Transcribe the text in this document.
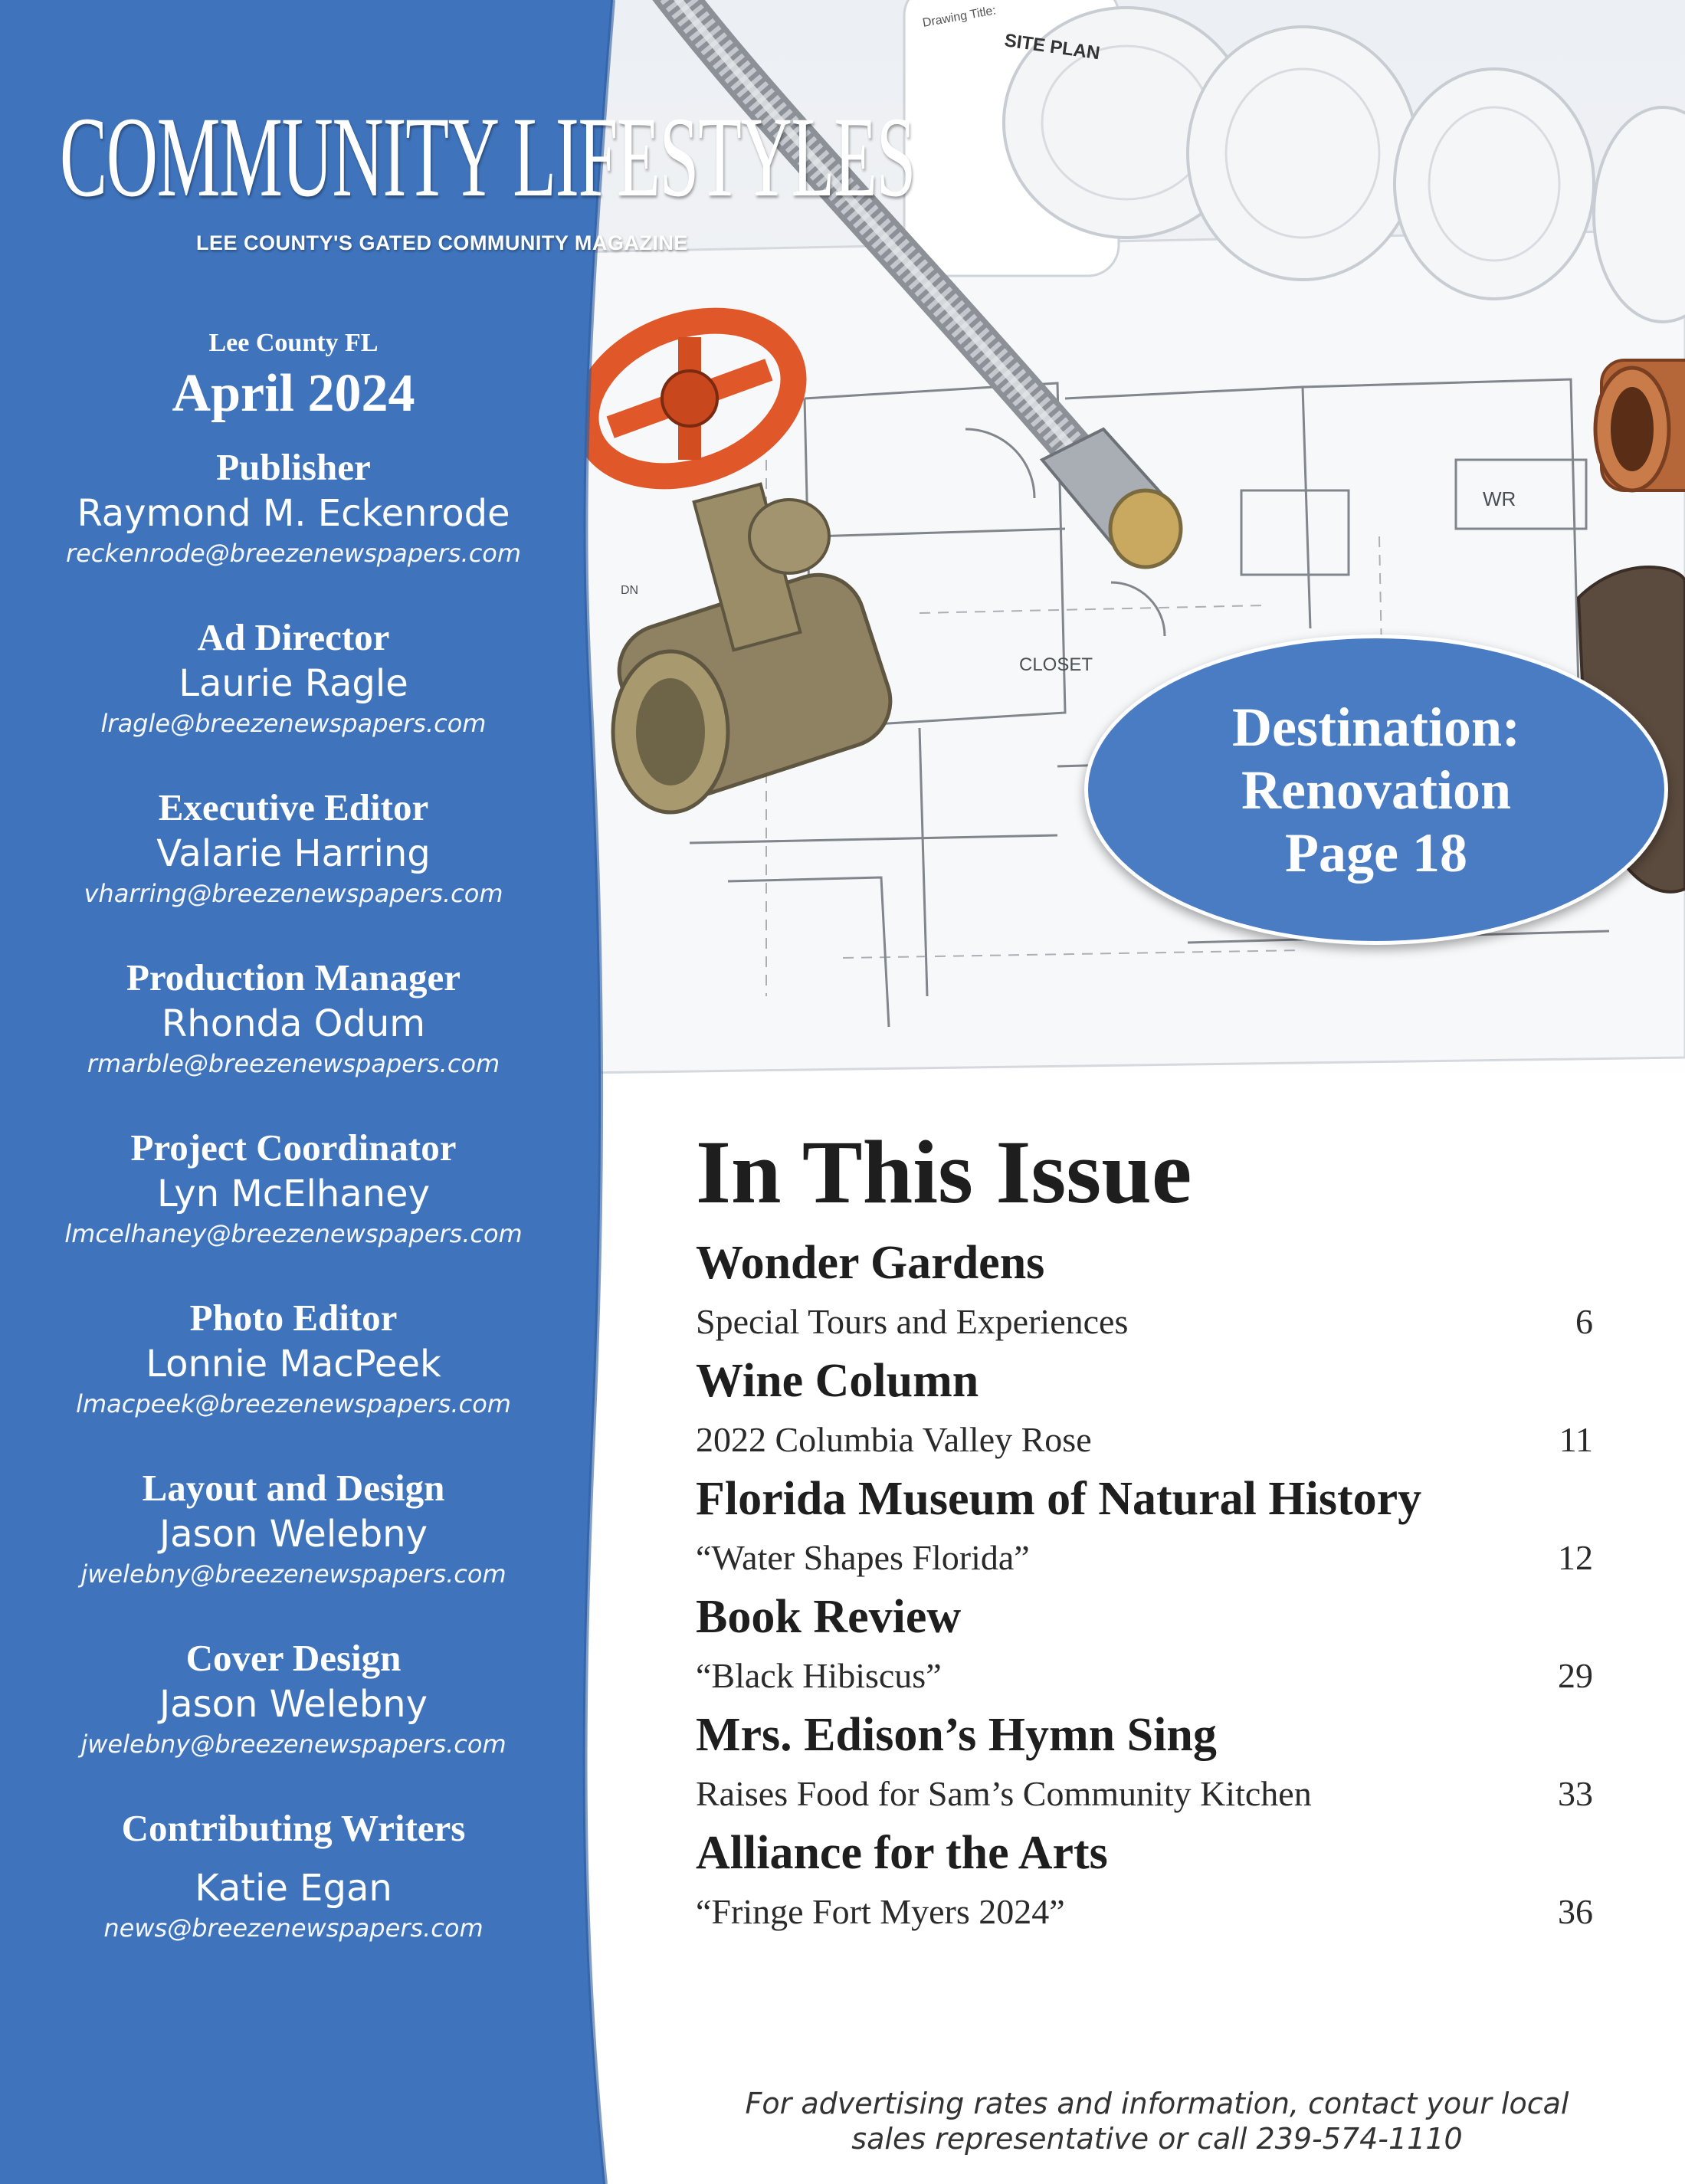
CLOSET
WR
DN
Drawing Title:
SITE PLAN
COMMUNITY LIFESTYLES
LEE COUNTY'S GATED COMMUNITY MAGAZINE
Lee County FL
April 2024
Publisher
Raymond M. Eckenrode
reckenrode@breezenewspapers.com
Ad Director
Laurie Ragle
lragle@breezenewspapers.com
Executive Editor
Valarie Harring
vharring@breezenewspapers.com
Production Manager
Rhonda Odum
rmarble@breezenewspapers.com
Project Coordinator
Lyn McElhaney
lmcelhaney@breezenewspapers.com
Photo Editor
Lonnie MacPeek
lmacpeek@breezenewspapers.com
Layout and Design
Jason Welebny
jwelebny@breezenewspapers.com
Cover Design
Jason Welebny
jwelebny@breezenewspapers.com
Contributing Writers
Katie Egan
news@breezenewspapers.com
Destination:
Renovation
Page 18
In This Issue
Wonder Gardens
Special Tours and Experiences	6
Wine Column
2022 Columbia Valley Rose	11
Florida Museum of Natural History
“Water Shapes Florida”	12
Book Review
“Black Hibiscus”	29
Mrs. Edison’s Hymn Sing
Raises Food for Sam’s Community Kitchen	33
Alliance for the Arts
“Fringe Fort Myers 2024”	36
For advertising rates and information, contact your local
sales representative or call 239-574-1110
